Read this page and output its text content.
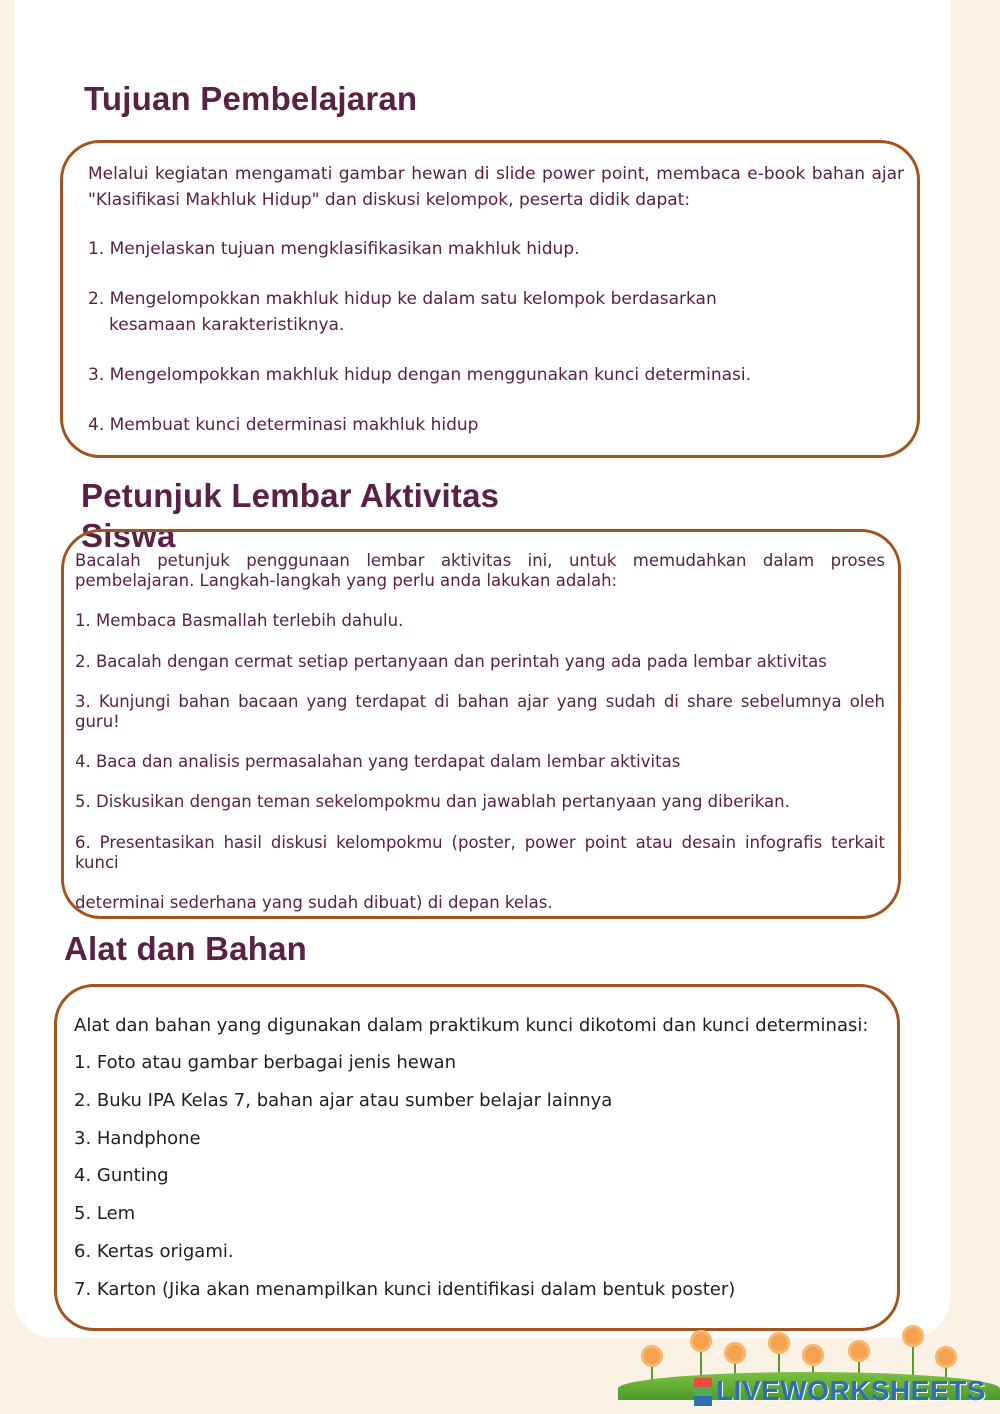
Tujuan Pembelajaran

Melalui kegiatan mengamati gambar hewan di slide power point, membaca e-book bahan ajar "Klasifikasi Makhluk Hidup" dan diskusi kelompok, peserta didik dapat:

1. Menjelaskan tujuan mengklasifikasikan makhluk hidup.

2. Mengelompokkan makhluk hidup ke dalam satu kelompok berdasarkan

kesamaan karakteristiknya.

3. Mengelompokkan makhluk hidup dengan menggunakan kunci determinasi.

4. Membuat kunci determinasi makhluk hidup

Petunjuk Lembar Aktivitas Siswa

Bacalah petunjuk penggunaan lembar aktivitas ini, untuk memudahkan dalam proses pembelajaran. Langkah-langkah yang perlu anda lakukan adalah:

1. Membaca Basmallah terlebih dahulu.

2. Bacalah dengan cermat setiap pertanyaan dan perintah yang ada pada lembar aktivitas

3. Kunjungi bahan bacaan yang terdapat di bahan ajar yang sudah di share sebelumnya oleh guru!

4. Baca dan analisis permasalahan yang terdapat dalam lembar aktivitas

5. Diskusikan dengan teman sekelompokmu dan jawablah pertanyaan yang diberikan.

6. Presentasikan hasil diskusi kelompokmu (poster, power point atau desain infografis terkait kunci

determinai sederhana yang sudah dibuat) di depan kelas.

Alat dan Bahan

Alat dan bahan yang digunakan dalam praktikum kunci dikotomi dan kunci determinasi:

1. Foto atau gambar berbagai jenis hewan

2. Buku IPA Kelas 7, bahan ajar atau sumber belajar lainnya

3. Handphone

4. Gunting

5. Lem

6. Kertas origami.

7. Karton (Jika akan menampilkan kunci identifikasi dalam bentuk poster)

LIVEWORKSHEETS
